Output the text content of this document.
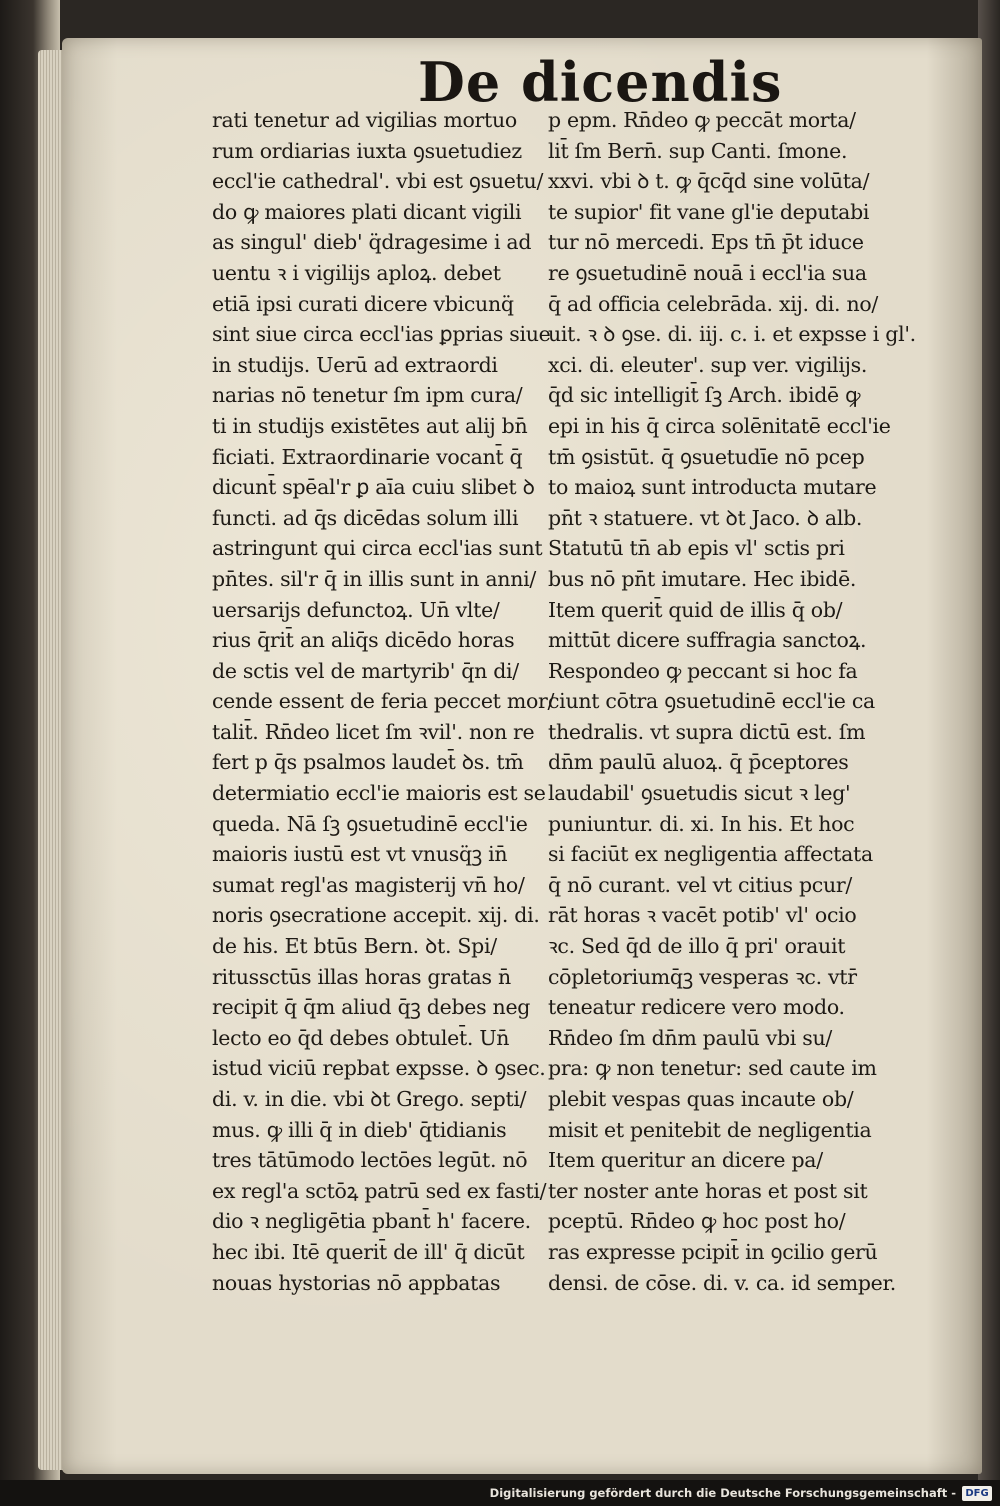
De dicendis
rati tenetur ad vigilias mortuo
rum ordiarias iuxta ꝯsuetudiez
eccl'ie cathedral'. vbi est ꝯsuetu/
do ꝙ maiores plati dicant vigili
as singul' dieb' q̈dragesime i ad
uentu ꝛ i vigilijs aploꝝ. debet
etiā ipsi curati dicere vbicunq̈
sint siue circa eccl'ias ꝑprias siue
in studijs. Uerū ad extraordi
narias nō tenetur ſm ipm cura/
ti in studijs existētes aut alij bn̄
ficiati. Extraordinarie vocant̄ q̄
dicunt̄ spēal'r ꝑ aīa cuiu slibet ꝺ
functi. ad q̄s dicēdas solum illi
astringunt qui circa eccl'ias sunt
pn̄tes. sil'r q̄ in illis sunt in anni/
uersarijs defunctoꝝ. Un̄ vlte/
rius q̄rit̄ an aliq̄s dicēdo horas
de sctis vel de martyrib' q̄n di/
cende essent de feria peccet mor/
talit̄. Rn̄deo licet ſm ꝛvil'. non re
fert p q̄s psalmos laudet̄ ꝺs. tm̄
determiatio eccl'ie maioris est se
queda. Nā ſꝫ ꝯsuetudinē eccl'ie
maioris iustū est vt vnusq̈ꝫ in̄
sumat regl'as magisterij vn̄ ho/
noris ꝯsecratione accepit. xij. di.
de his. Et btūs Bern. ꝺt. Spi/
ritussctūs illas horas gratas n̄
recipit q̄ q̄m aliud q̄ꝫ debes neg
lecto eo q̄d debes obtulet̄. Un̄
istud viciū repbat expsse. ꝺ ꝯsec.
di. v. in die. vbi ꝺt Grego. septi/
mus. ꝙ illi q̄ in dieb' q̄tidianis
tres tātūmodo lectōes legūt. nō
ex regl'a sctōꝝ patrū sed ex fasti/
dio ꝛ negligētia pbant̄ h' facere.
hec ibi. Itē querit̄ de ill' q̄ dicūt
nouas hystorias nō appbatas
p epm. Rn̄deo ꝙ peccāt morta/
lit̄ ſm Bern̄. sup Canti. ſmone.
xxvi. vbi ꝺ t. ꝙ q̄cq̄d sine volūta/
te supior' fit vane gl'ie deputabi
tur nō mercedi. Eps tn̄ p̄t iduce
re ꝯsuetudinē nouā i eccl'ia sua
q̄ ad officia celebrāda. xij. di. no/
uit. ꝛ ꝺ ꝯse. di. iij. c. i. et expsse i gl'.
xci. di. eleuter'. sup ver. vigilijs.
q̄d sic intelligit̄ ſꝫ Arch. ibidē ꝙ
epi in his q̄ circa solēnitatē eccl'ie
tm̄ ꝯsistūt. q̄ ꝯsuetudīe nō pcep
to maioꝝ sunt introducta mutare
pn̄t ꝛ statuere. vt ꝺt Jaco. ꝺ alb.
Statutū tn̄ ab epis vl' sctis pri
bus nō pn̄t imutare. Hec ibidē.
Item querit̄ quid de illis q̄ ob/
mittūt dicere suffragia sanctoꝝ.
Respondeo ꝙ peccant si hoc fa
ciunt cōtra ꝯsuetudinē eccl'ie ca
thedralis. vt supra dictū est. ſm
dn̄m paulū aluoꝝ. q̄ p̄ceptores
laudabil' ꝯsuetudis sicut ꝛ leg'
puniuntur. di. xi. In his. Et hoc
si faciūt ex negligentia affectata
q̄ nō curant. vel vt citius pcur/
rāt horas ꝛ vacēt potib' vl' ocio
ꝛc. Sed q̄d de illo q̄ pri' orauit
cōpletoriumq̄ꝫ vesperas ꝛc. vtr̄
teneatur redicere vero modo.
Rn̄deo ſm dn̄m paulū vbi su/
pra: ꝙ non tenetur: sed caute im
plebit vespas quas incaute ob/
misit et penitebit de negligentia
Item queritur an dicere pa/
ter noster ante horas et post sit
pceptū. Rn̄deo ꝙ hoc post ho/
ras expresse pcipit̄ in ꝯcilio gerū
densi. de cōse. di. v. ca. id semper.
Digitalisierung gefördert durch die Deutsche Forschungsgemeinschaft - DFG
